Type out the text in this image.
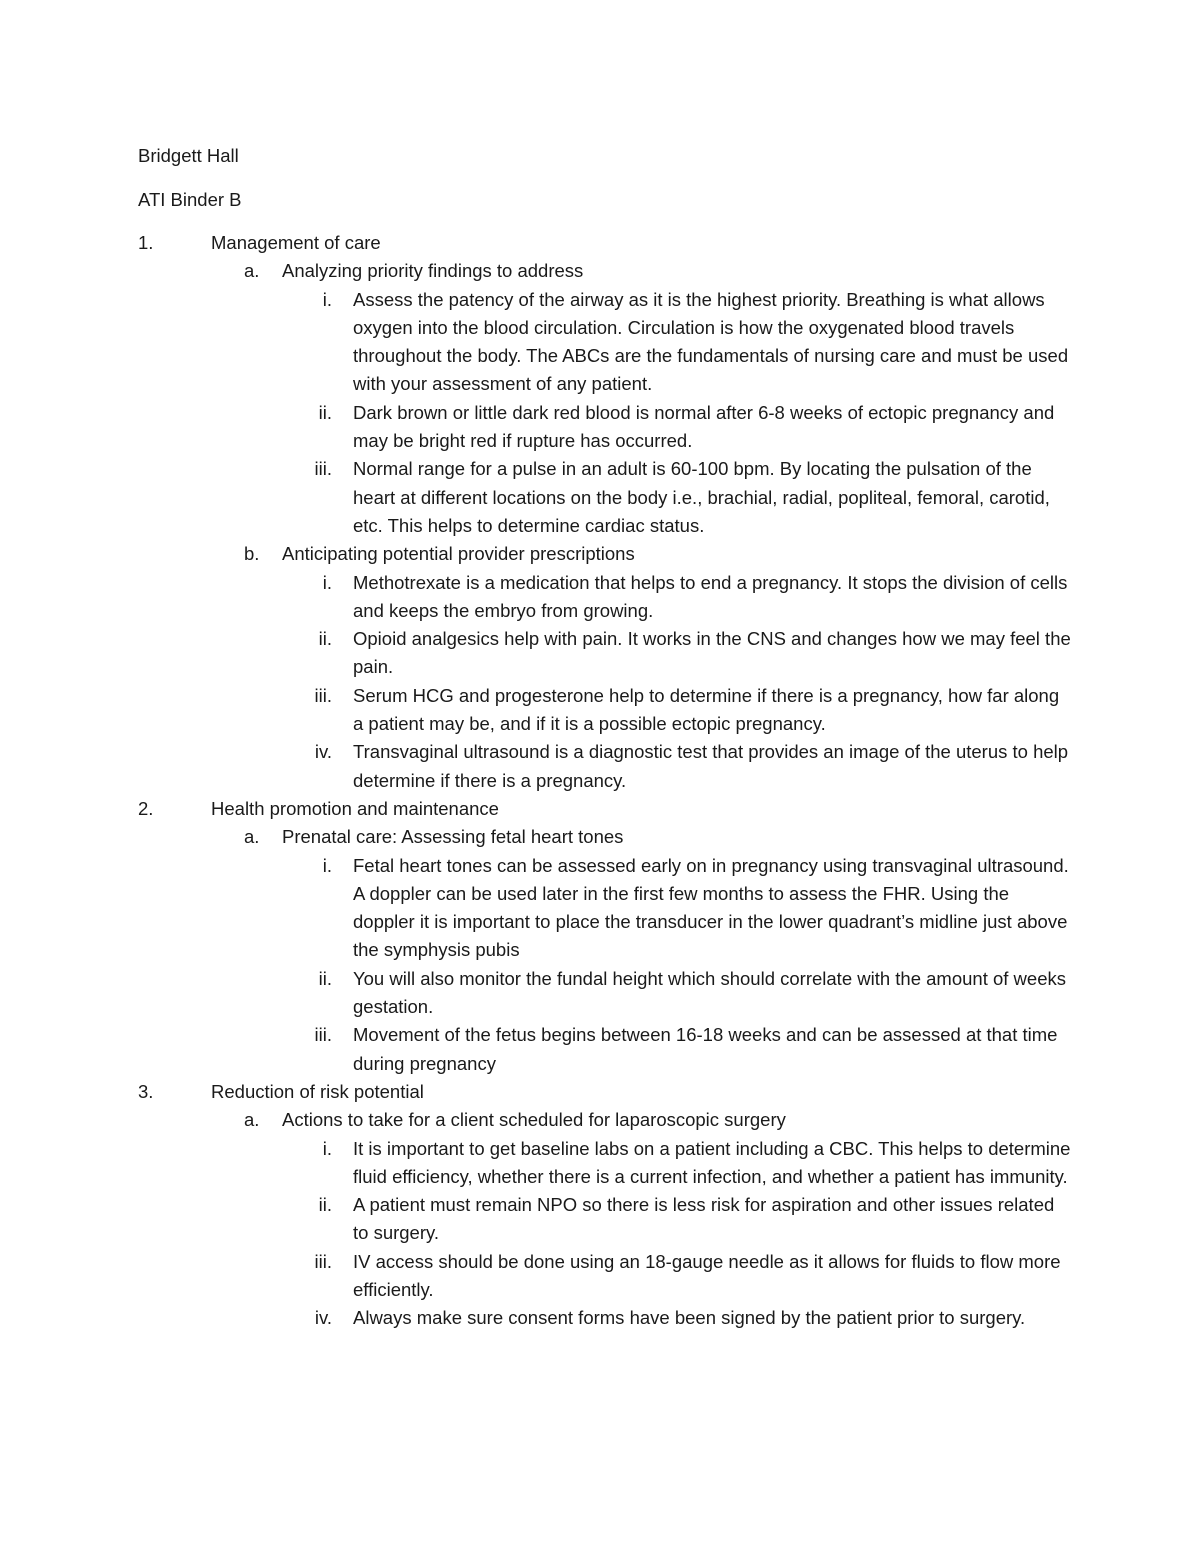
Bridgett Hall
ATI Binder B
1.	Management of care
a. Analyzing priority findings to address
i. Assess the patency of the airway as it is the highest priority. Breathing is what allows oxygen into the blood circulation. Circulation is how the oxygenated blood travels throughout the body. The ABCs are the fundamentals of nursing care and must be used with your assessment of any patient.
ii. Dark brown or little dark red blood is normal after 6-8 weeks of ectopic pregnancy and may be bright red if rupture has occurred.
iii. Normal range for a pulse in an adult is 60-100 bpm. By locating the pulsation of the heart at different locations on the body i.e., brachial, radial, popliteal, femoral, carotid, etc. This helps to determine cardiac status.
b. Anticipating potential provider prescriptions
i. Methotrexate is a medication that helps to end a pregnancy. It stops the division of cells and keeps the embryo from growing.
ii. Opioid analgesics help with pain. It works in the CNS and changes how we may feel the pain.
iii. Serum HCG and progesterone help to determine if there is a pregnancy, how far along a patient may be, and if it is a possible ectopic pregnancy.
iv. Transvaginal ultrasound is a diagnostic test that provides an image of the uterus to help determine if there is a pregnancy.
2.	Health promotion and maintenance
a. Prenatal care: Assessing fetal heart tones
i. Fetal heart tones can be assessed early on in pregnancy using transvaginal ultrasound. A doppler can be used later in the first few months to assess the FHR. Using the doppler it is important to place the transducer in the lower quadrant’s midline just above the symphysis pubis
ii. You will also monitor the fundal height which should correlate with the amount of weeks gestation.
iii. Movement of the fetus begins between 16-18 weeks and can be assessed at that time during pregnancy
3.	Reduction of risk potential
a. Actions to take for a client scheduled for laparoscopic surgery
i. It is important to get baseline labs on a patient including a CBC. This helps to determine fluid efficiency, whether there is a current infection, and whether a patient has immunity.
ii. A patient must remain NPO so there is less risk for aspiration and other issues related to surgery.
iii. IV access should be done using an 18-gauge needle as it allows for fluids to flow more efficiently.
iv. Always make sure consent forms have been signed by the patient prior to surgery.
